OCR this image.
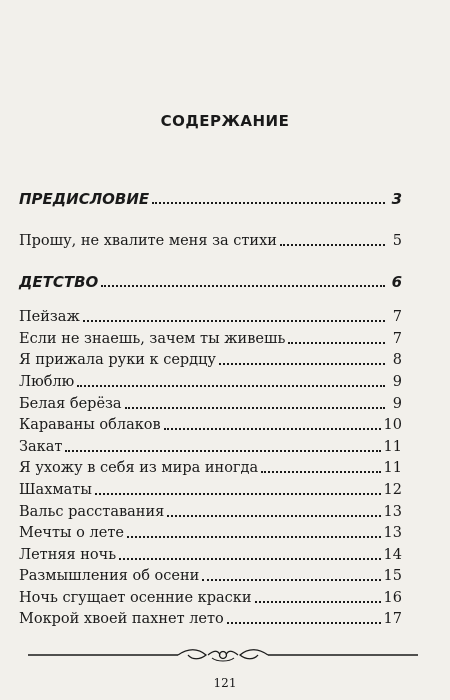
СОДЕРЖАНИЕ
ПРЕДИСЛОВИЕ	3
Прошу, не хвалите меня за стихи	5
ДЕТСТВО	6
Пейзаж	7
Если не знаешь, зачем ты живешь	7
Я прижала руки к сердцу	8
Люблю	9
Белая берёза	9
Караваны облаков	10
Закат	11
Я ухожу в себя из мира иногда	11
Шахматы	12
Вальс расставания	13
Мечты о лете	13
Летняя ночь	14
Размышления об осени	15
Ночь сгущает осенние краски	16
Мокрой хвоей пахнет лето	17
121
